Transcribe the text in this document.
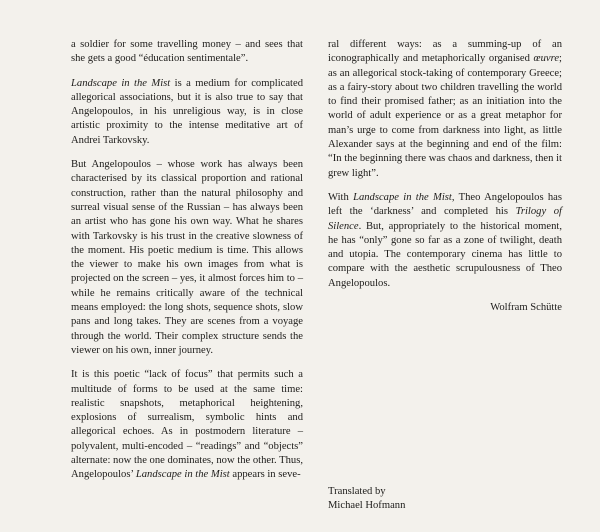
a soldier for some travelling money – and sees that she gets a good “éducation sentimentale”.

Landscape in the Mist is a medium for complicated allegorical associations, but it is also true to say that Angelopoulos, in his unreligious way, is in close artistic proximity to the intense meditative art of Andrei Tarkovsky.

But Angelopoulos – whose work has always been characterised by its classical proportion and rational construction, rather than the natural philosophy and surreal visual sense of the Russian – has always been an artist who has gone his own way. What he shares with Tarkovsky is his trust in the creative slowness of the moment. His poetic medium is time. This allows the viewer to make his own images from what is projected on the screen – yes, it almost forces him to – while he remains critically aware of the technical means employed: the long shots, sequence shots, slow pans and long takes. They are scenes from a voyage through the world. Their complex structure sends the viewer on his own, inner journey.

It is this poetic “lack of focus” that permits such a multitude of forms to be used at the same time: realistic snapshots, metaphorical heightening, explosions of surrealism, symbolic hints and allegorical echoes. As in postmodern literature – polyvalent, multi-encoded – “readings” and “objects” alternate: now the one dominates, now the other. Thus, Angelopoulos’ Landscape in the Mist appears in seve-

ral different ways: as a summing-up of an iconographically and metaphorically organised œuvre; as an allegorical stock-taking of contemporary Greece; as a fairy-story about two children travelling the world to find their promised father; as an initiation into the world of adult experience or as a great metaphor for man’s urge to come from darkness into light, as little Alexander says at the beginning and end of the film: “In the beginning there was chaos and darkness, then it grew light”.

With Landscape in the Mist, Theo Angelopoulos has left the ‘darkness’ and completed his Trilogy of Silence. But, appropriately to the historical moment, he has “only” gone so far as a zone of twilight, death and utopia. The contemporary cinema has little to compare with the aesthetic scrupulousness of Theo Angelopoulos.

Wolfram Schütte
Translated by
Michael Hofmann
